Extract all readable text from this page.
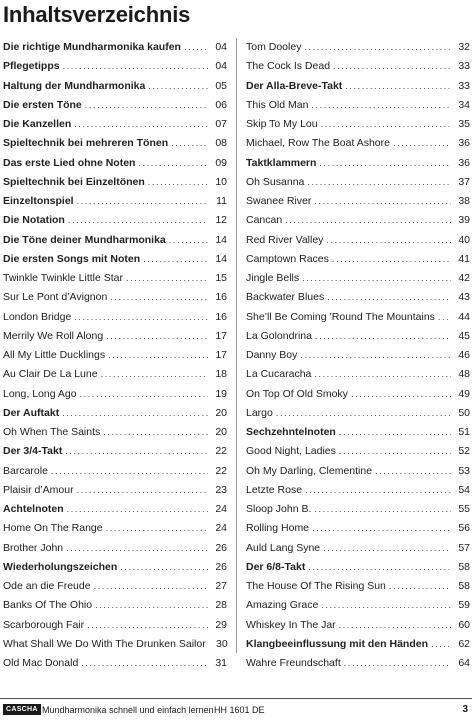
Inhaltsverzeichnis
Die richtige Mundharmonika kaufen .....	04
Pflegetipps .....	04
Haltung der Mundharmonika .....	05
Die ersten Töne .....	06
Die Kanzellen .....	07
Spieltechnik bei mehreren Tönen .....	08
Das erste Lied ohne Noten .....	09
Spieltechnik bei Einzeltönen .....	10
Einzeltonspiel .....	11
Die Notation .....	12
Die Töne deiner Mundharmonika .....	14
Die ersten Songs mit Noten .....	14
Twinkle Twinkle Little Star .....	15
Sur Le Pont d’Avignon .....	16
London Bridge .....	16
Merrily We Roll Along .....	17
All My Little Ducklings .....	17
Au Clair De La Lune .....	18
Long, Long Ago .....	19
Der Auftakt .....	20
Oh When The Saints .....	20
Der 3/4-Takt .....	22
Barcarole .....	22
Plaisir d’Amour .....	23
Achtelnoten .....	24
Home On The Range .....	24
Brother John .....	26
Wiederholungszeichen .....	26
Ode an die Freude .....	27
Banks Of The Ohio .....	28
Scarborough Fair .....	29
What Shall We Do With The Drunken Sailor 30
Old Mac Donald .....	31
Tom Dooley .....	32
The Cock Is Dead .....	33
Der Alla-Breve-Takt .....	33
This Old Man .....	34
Skip To My Lou .....	35
Michael, Row The Boat Ashore .....	36
Taktklammern .....	36
Oh Susanna .....	37
Swanee River .....	38
Cancan .....	39
Red River Valley .....	40
Camptown Races .....	41
Jingle Bells .....	42
Backwater Blues .....	43
She’ll Be Coming ’Round The Mountains .....	44
La Golondrina .....	45
Danny Boy .....	46
La Cucaracha .....	48
On Top Of Old Smoky .....	49
Largo .....	50
Sechzehntelnoten .....	51
Good Night, Ladies .....	52
Oh My Darling, Clementine .....	53
Letzte Rose .....	54
Sloop John B. .....	55
Rolling Home .....	56
Auld Lang Syne .....	57
Der 6/8-Takt .....	58
The House Of The Rising Sun .....	58
Amazing Grace .....	59
Whiskey In The Jar .....	60
Klangbeeinflussung mit den Händen .....	62
Wahre Freundschaft .....	64
CASCHA Mundharmonika schnell und einfach lernen HH 1601 DE	3
